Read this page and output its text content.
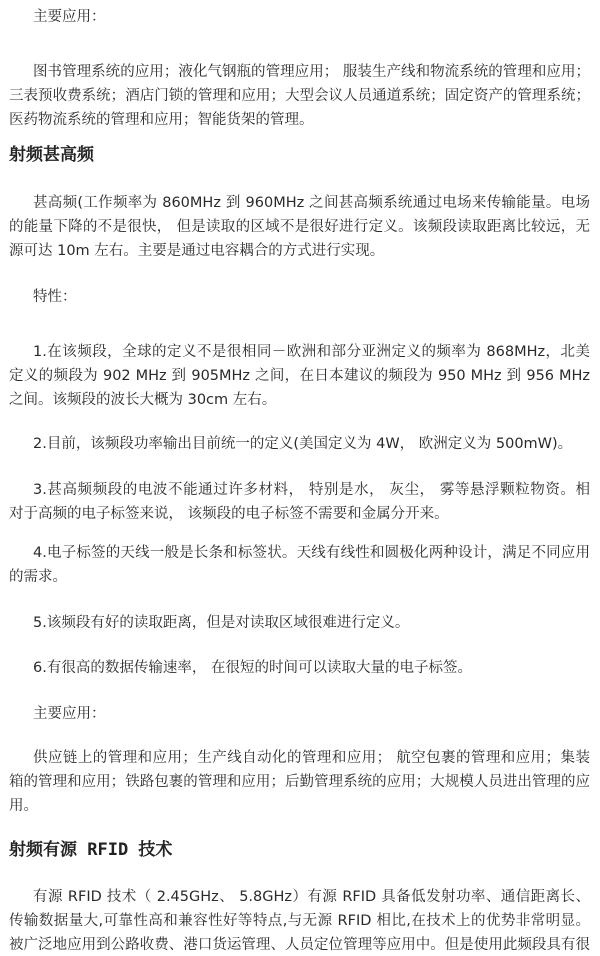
主要应用：
图书管理系统的应用；液化气钢瓶的管理应用； 服装生产线和物流系统的管理和应用；
三表预收费系统；酒店门锁的管理和应用；大型会议人员通道系统；固定资产的管理系统；
医药物流系统的管理和应用；智能货架的管理。
射频甚高频
甚高频(工作频率为 860MHz 到 960MHz 之间甚高频系统通过电场来传输能量。电场
的能量下降的不是很快， 但是读取的区域不是很好进行定义。该频段读取距离比较远，无
源可达 10m 左右。主要是通过电容耦合的方式进行实现。
特性：
1.在该频段，全球的定义不是很相同－欧洲和部分亚洲定义的频率为 868MHz，北美
定义的频段为 902 MHz 到 905MHz 之间，在日本建议的频段为 950 MHz 到 956 MHz
之间。该频段的波长大概为 30cm 左右。
2.目前，该频段功率输出目前统一的定义(美国定义为 4W， 欧洲定义为 500mW)。
3.甚高频频段的电波不能通过许多材料， 特别是水， 灰尘， 雾等悬浮颗粒物资。相
对于高频的电子标签来说， 该频段的电子标签不需要和金属分开来。
4.电子标签的天线一般是长条和标签状。天线有线性和圆极化两种设计，满足不同应用
的需求。
5.该频段有好的读取距离，但是对读取区域很难进行定义。
6.有很高的数据传输速率， 在很短的时间可以读取大量的电子标签。
主要应用：
供应链上的管理和应用；生产线自动化的管理和应用； 航空包裹的管理和应用；集装
箱的管理和应用；铁路包裹的管理和应用；后勤管理系统的应用；大规模人员进出管理的应
用。
射频有源 RFID 技术
有源 RFID 技术（ 2.45GHz、 5.8GHz）有源 RFID 具备低发射功率、通信距离长、
传输数据量大,可靠性高和兼容性好等特点,与无源 RFID 相比,在技术上的优势非常明显。
被广泛地应用到公路收费、港口货运管理、人员定位管理等应用中。但是使用此频段具有很
